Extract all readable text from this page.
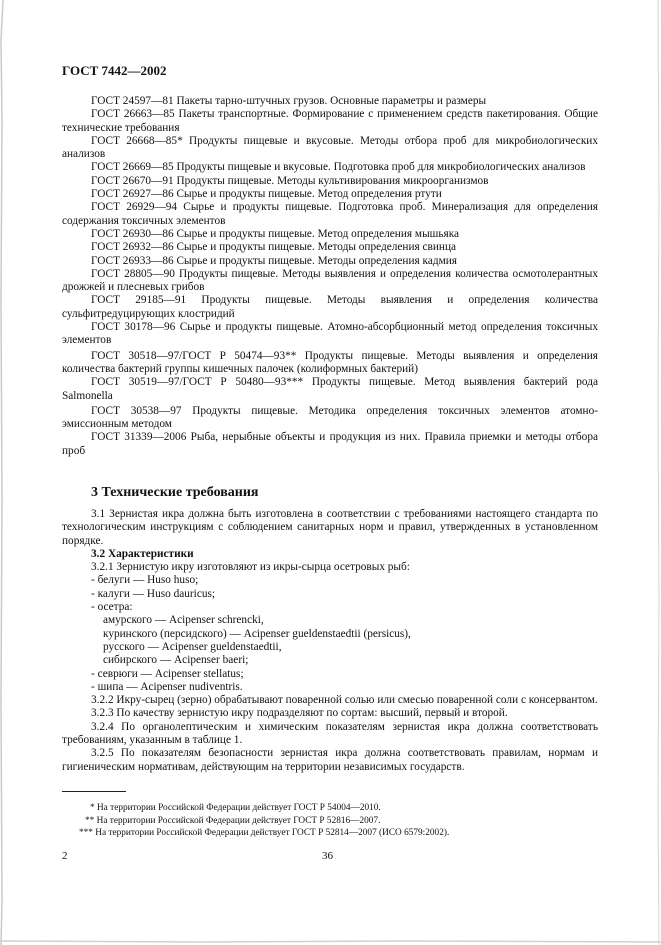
ГОСТ 7442—2002

ГОСТ 24597—81 Пакеты тарно-штучных грузов. Основные параметры и размеры

ГОСТ 26663—85 Пакеты транспортные. Формирование с применением средств пакетирования. Общие технические требования

ГОСТ 26668—85* Продукты пищевые и вкусовые. Методы отбора проб для микробиологических анализов

ГОСТ 26669—85 Продукты пищевые и вкусовые. Подготовка проб для микробиологических анализов

ГОСТ 26670—91 Продукты пищевые. Методы культивирования микроорганизмов

ГОСТ 26927—86 Сырье и продукты пищевые. Метод определения ртути

ГОСТ 26929—94 Сырье и продукты пищевые. Подготовка проб. Минерализация для определения содержания токсичных элементов

ГОСТ 26930—86 Сырье и продукты пищевые. Метод определения мышьяка

ГОСТ 26932—86 Сырье и продукты пищевые. Методы определения свинца

ГОСТ 26933—86 Сырье и продукты пищевые. Методы определения кадмия

ГОСТ 28805—90 Продукты пищевые. Методы выявления и определения количества осмотолерантных дрожжей и плесневых грибов

ГОСТ 29185—91 Продукты пищевые. Методы выявления и определения количества сульфитредуцирующих клостридий

ГОСТ 30178—96 Сырье и продукты пищевые. Атомно-абсорбционный метод определения токсичных элементов

ГОСТ 30518—97/ГОСТ Р 50474—93** Продукты пищевые. Методы выявления и определения количества бактерий группы кишечных палочек (колиформных бактерий)

ГОСТ 30519—97/ГОСТ Р 50480—93*** Продукты пищевые. Метод выявления бактерий рода Salmonella

ГОСТ 30538—97 Продукты пищевые. Методика определения токсичных элементов атомно-эмиссионным методом

ГОСТ 31339—2006 Рыба, нерыбные объекты и продукция из них. Правила приемки и методы отбора проб

3 Технические требования

3.1 Зернистая икра должна быть изготовлена в соответствии с требованиями настоящего стандарта по технологическим инструкциям с соблюдением санитарных норм и правил, утвержденных в установленном порядке.

3.2 Характеристики

3.2.1 Зернистую икру изготовляют из икры-сырца осетровых рыб:

- белуги — Huso huso;

- калуги — Huso dauricus;

- осетра:

амурского — Acipenser schrencki,

куринского (персидского) — Acipenser gueldenstaedtii (persicus),

русского — Acipenser gueldenstaedtii,

сибирского — Acipenser baeri;

- севрюги — Acipenser stellatus;

- шипа — Acipenser nudiventris.

3.2.2 Икру-сырец (зерно) обрабатывают поваренной солью или смесью поваренной соли с консервантом.

3.2.3 По качеству зернистую икру подразделяют по сортам: высший, первый и второй.

3.2.4 По органолептическим и химическим показателям зернистая икра должна соответствовать требованиям, указанным в таблице 1.

3.2.5 По показателям безопасности зернистая икра должна соответствовать правилам, нормам и гигиеническим нормативам, действующим на территории независимых государств.

* На территории Российской Федерации действует ГОСТ Р 54004—2010.

** На территории Российской Федерации действует ГОСТ Р 52816—2007.

*** На территории Российской Федерации действует ГОСТ Р 52814—2007 (ИСО 6579:2002).

2	36
